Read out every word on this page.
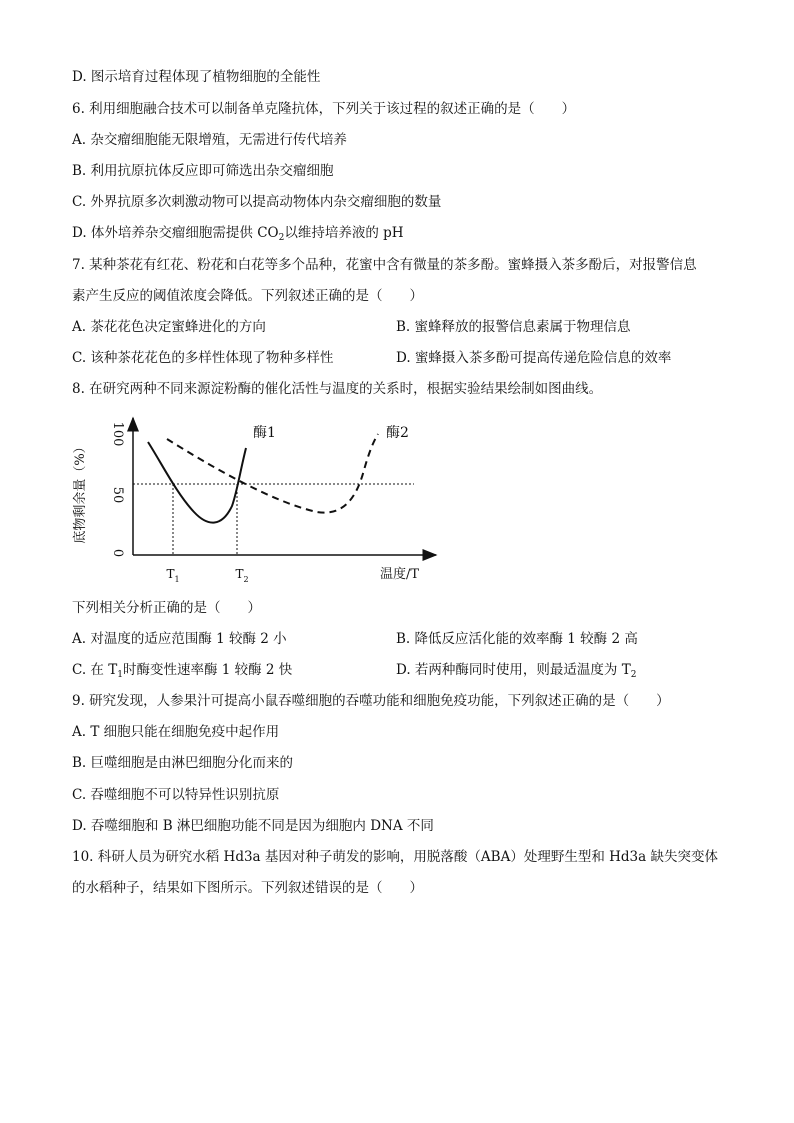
D. 图示培育过程体现了植物细胞的全能性
6. 利用细胞融合技术可以制备单克隆抗体，下列关于该过程的叙述正确的是（　　）
A. 杂交瘤细胞能无限增殖，无需进行传代培养
B. 利用抗原抗体反应即可筛选出杂交瘤细胞
C. 外界抗原多次刺激动物可以提高动物体内杂交瘤细胞的数量
D. 体外培养杂交瘤细胞需提供 $CO_2$以维持培养液的 pH
7. 某种茶花有红花、粉花和白花等多个品种，花蜜中含有微量的茶多酚。蜜蜂摄入茶多酚后，对报警信息
素产生反应的阈值浓度会降低。下列叙述正确的是（　　）
A. 茶花花色决定蜜蜂进化的方向	B. 蜜蜂释放的报警信息素属于物理信息
C. 该种茶花花色的多样性体现了物种多样性	D. 蜜蜂摄入茶多酚可提高传递危险信息的效率
8. 在研究两种不同来源淀粉酶的催化活性与温度的关系时，根据实验结果绘制如图曲线。
100
50
0
底物剩余量（%）
酶1	酶2
$T_1$	$T_2$	温度/T
下列相关分析正确的是（　　）
A. 对温度的适应范围酶 1 较酶 2 小	B. 降低反应活化能的效率酶 1 较酶 2 高
C. 在 $T_1$时酶变性速率酶 1 较酶 2 快	D. 若两种酶同时使用，则最适温度为 $T_2$
9. 研究发现，人参果汁可提高小鼠吞噬细胞的吞噬功能和细胞免疫功能，下列叙述正确的是（　　）
A. T 细胞只能在细胞免疫中起作用
B. 巨噬细胞是由淋巴细胞分化而来的
C. 吞噬细胞不可以特异性识别抗原
D. 吞噬细胞和 B 淋巴细胞功能不同是因为细胞内 DNA 不同
10. 科研人员为研究水稻 Hd3a 基因对种子萌发的影响，用脱落酸（ABA）处理野生型和 Hd3a 缺失突变体
的水稻种子，结果如下图所示。下列叙述错误的是（　　）
